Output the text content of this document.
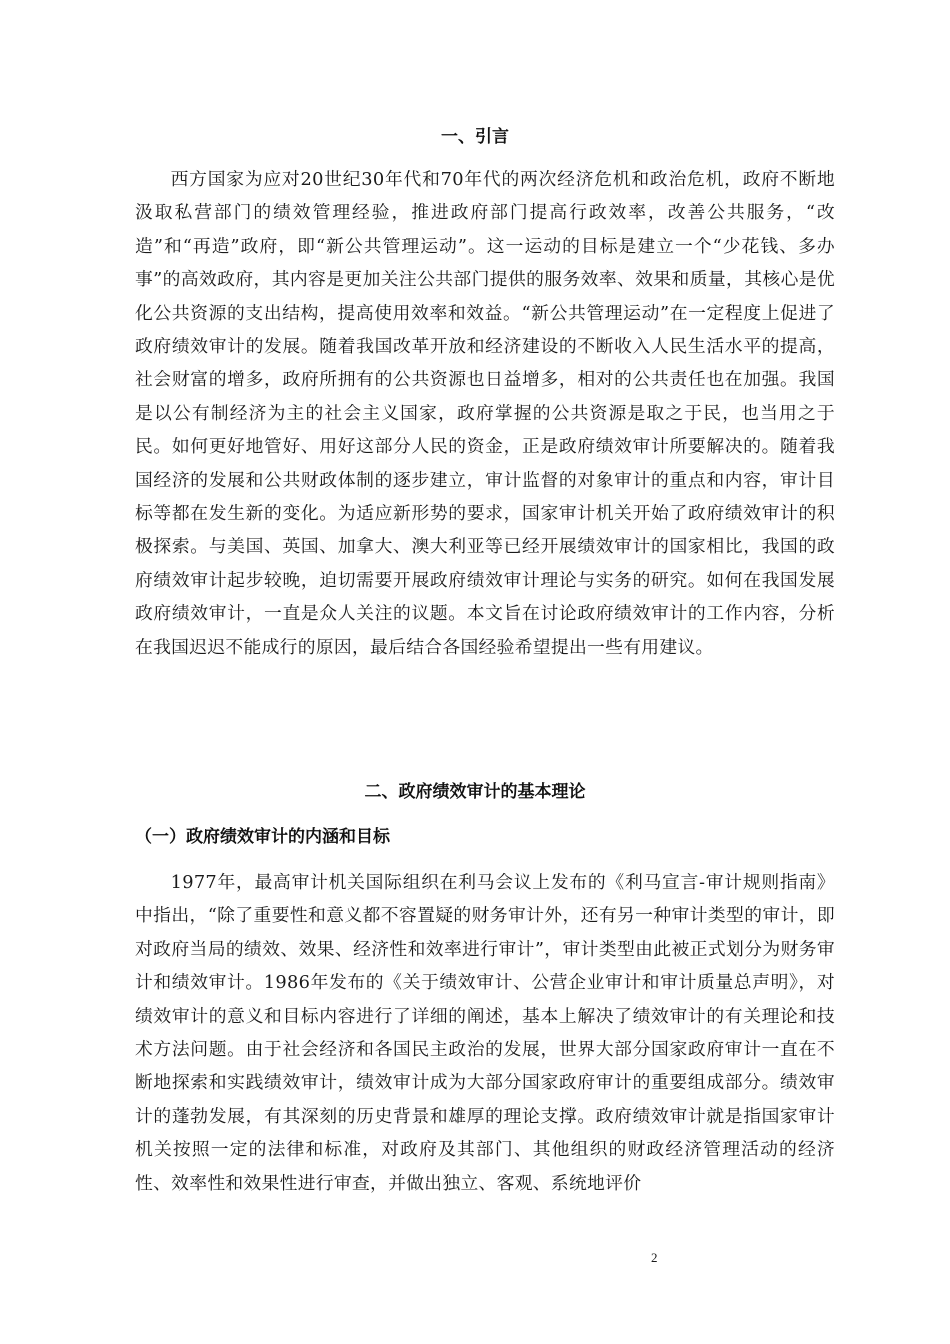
一、引言

西方国家为应对20世纪30年代和70年代的两次经济危机和政治危机，政府不断地汲取私营部门的绩效管理经验，推进政府部门提高行政效率，改善公共服务，“改造”和“再造”政府，即“新公共管理运动”。这一运动的目标是建立一个“少花钱、多办事”的高效政府，其内容是更加关注公共部门提供的服务效率、效果和质量，其核心是优化公共资源的支出结构，提高使用效率和效益。“新公共管理运动”在一定程度上促进了政府绩效审计的发展。随着我国改革开放和经济建设的不断收入人民生活水平的提高，社会财富的增多，政府所拥有的公共资源也日益增多，相对的公共责任也在加强。我国是以公有制经济为主的社会主义国家，政府掌握的公共资源是取之于民，也当用之于民。如何更好地管好、用好这部分人民的资金，正是政府绩效审计所要解决的。随着我国经济的发展和公共财政体制的逐步建立，审计监督的对象审计的重点和内容，审计目标等都在发生新的变化。为适应新形势的要求，国家审计机关开始了政府绩效审计的积极探索。与美国、英国、加拿大、澳大利亚等已经开展绩效审计的国家相比，我国的政府绩效审计起步较晚，迫切需要开展政府绩效审计理论与实务的研究。如何在我国发展政府绩效审计，一直是众人关注的议题。本文旨在讨论政府绩效审计的工作内容，分析在我国迟迟不能成行的原因，最后结合各国经验希望提出一些有用建议。

二、政府绩效审计的基本理论
（一）政府绩效审计的内涵和目标

1977年，最高审计机关国际组织在利马会议上发布的《利马宣言-审计规则指南》中指出，“除了重要性和意义都不容置疑的财务审计外，还有另一种审计类型的审计，即对政府当局的绩效、效果、经济性和效率进行审计”，审计类型由此被正式划分为财务审计和绩效审计。1986年发布的《关于绩效审计、公营企业审计和审计质量总声明》，对绩效审计的意义和目标内容进行了详细的阐述，基本上解决了绩效审计的有关理论和技术方法问题。由于社会经济和各国民主政治的发展，世界大部分国家政府审计一直在不断地探索和实践绩效审计，绩效审计成为大部分国家政府审计的重要组成部分。绩效审计的蓬勃发展，有其深刻的历史背景和雄厚的理论支撑。政府绩效审计就是指国家审计机关按照一定的法律和标准，对政府及其部门、其他组织的财政经济管理活动的经济性、效率性和效果性进行审查，并做出独立、客观、系统地评价

2
